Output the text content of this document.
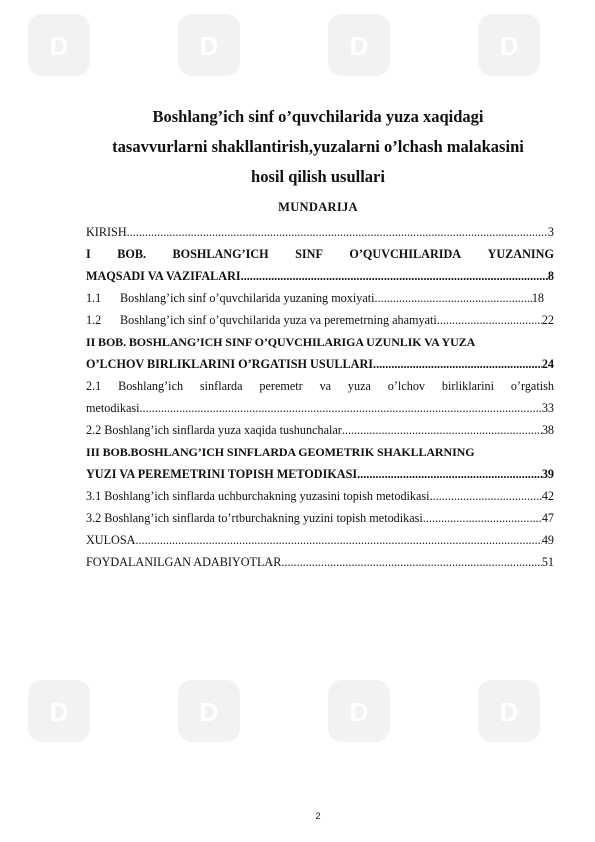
D	D	D	D
D	D	D	D
Boshlang’ich sinf o’quvchilarida yuza xaqidagi
tasavvurlarni shakllantirish,yuzalarni o’lchash malakasini
hosil qilish usullari
MUNDARIJA
KIRISH .....	3
I BOB. BOSHLANG’ICH SINF O’QUVCHILARIDA YUZANING
MAQSADI VA VAZIFALARI .....	8
1.1 Boshlang’ich sinf o’quvchilarida yuzaning moxiyati .....	18
1.2 Boshlang’ich sinf o’quvchilarida yuza va peremetrning ahamyati .....	22
II BOB. BOSHLANG’ICH SINF O’QUVCHILARIGA UZUNLIK VA YUZA
O’LCHOV BIRLIKLARINI O’RGATISH USULLARI .....	24
2.1 Boshlang’ich sinflarda peremetr va yuza o’lchov birliklarini o’rgatish
metodikasi .....	33
2.2 Boshlang’ich sinflarda yuza xaqida tushunchalar .....	38
III BOB.BOSHLANG’ICH SINFLARDA GEOMETRIK SHAKLLARNING
YUZI VA PEREMETRINI TOPISH METODIKASI .....	39
3.1 Boshlang’ich sinflarda uchburchakning yuzasini topish metodikasi .....	42
3.2 Boshlang’ich sinflarda to’rtburchakning yuzini topish metodikasi .....	47
XULOSA .....	49
FOYDALANILGAN ADABIYOTLAR .....	51
2
